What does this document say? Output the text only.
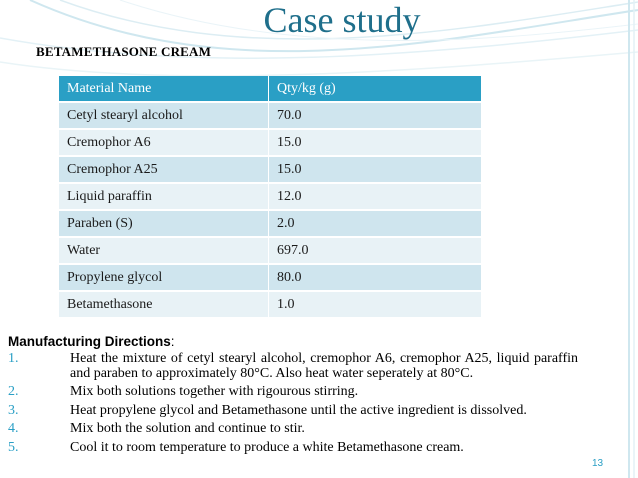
Case study
BETAMETHASONE CREAM
Material Name	Qty/kg (g)
Cetyl stearyl alcohol	70.0
Cremophor A6	15.0
Cremophor A25	15.0
Liquid paraffin	12.0
Paraben (S)	2.0
Water	697.0
Propylene glycol	80.0
Betamethasone	1.0
Manufacturing Directions:
1.	Heat the mixture of cetyl stearyl alcohol, cremophor A6, cremophor A25, liquid paraffin and paraben to approximately 80°C. Also heat water seperately at 80°C.
2.	Mix both solutions together with rigourous stirring.
3.	Heat propylene glycol and Betamethasone until the active ingredient is dissolved.
4.	Mix both the solution and continue to stir.
5.	Cool it to room temperature to produce a white Betamethasone cream.
13
